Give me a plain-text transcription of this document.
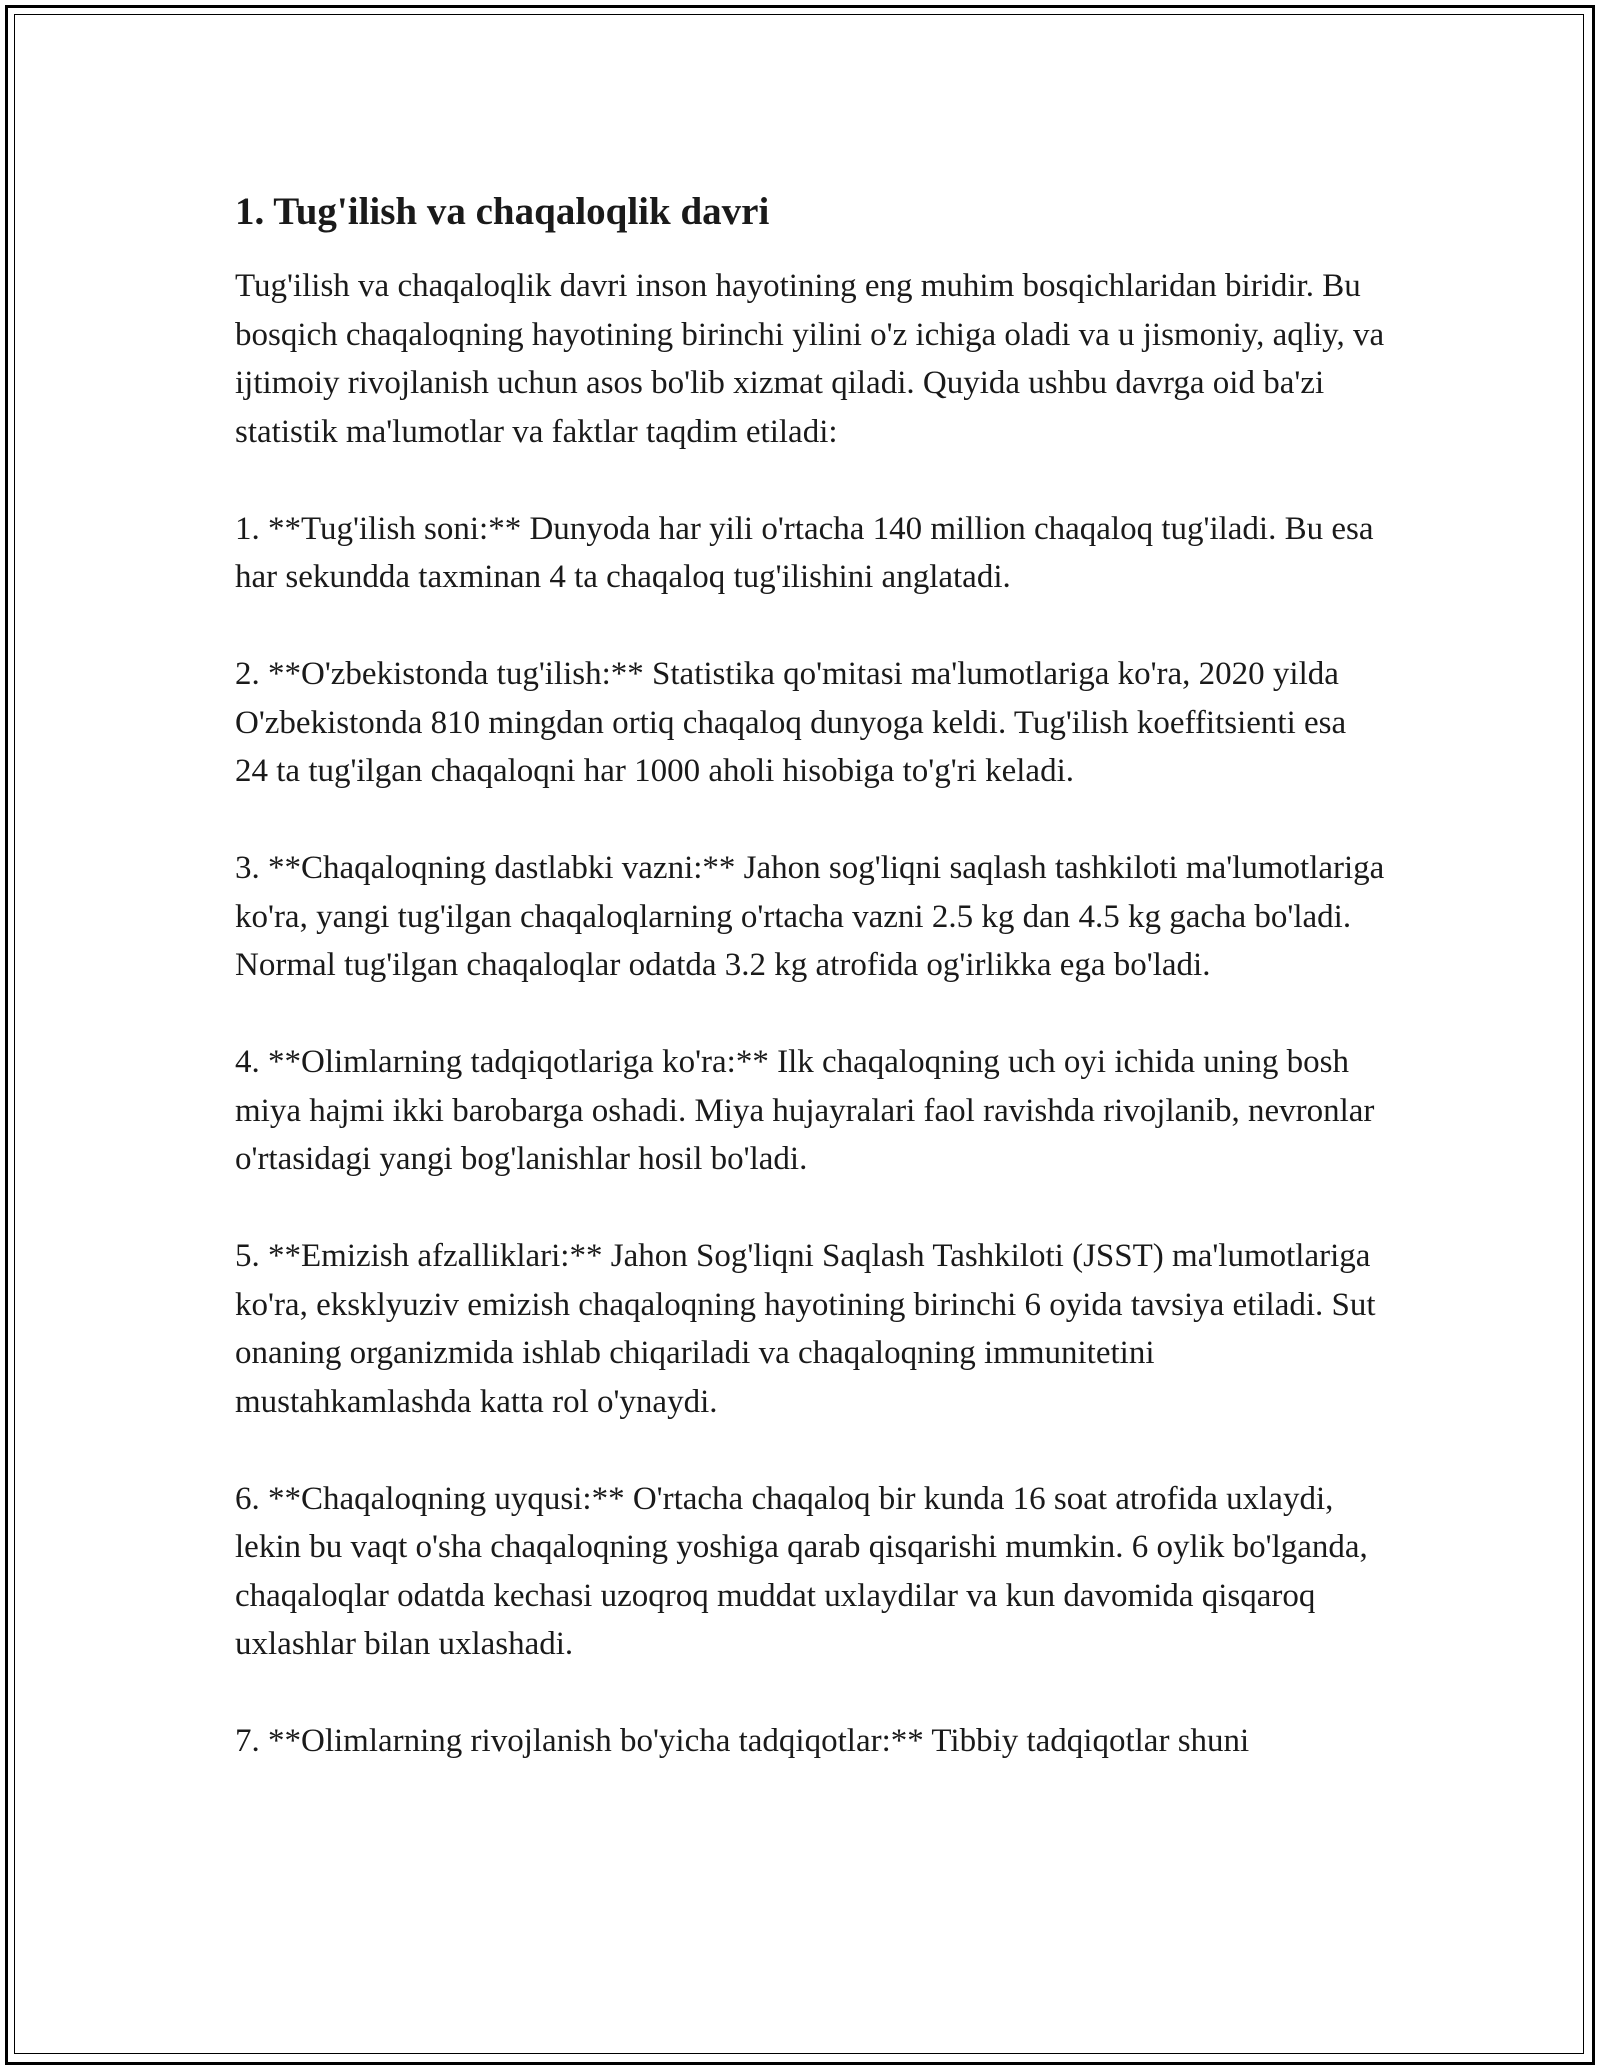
1. Tug'ilish va chaqaloqlik davri

Tug'ilish va chaqaloqlik davri inson hayotining eng muhim bosqichlaridan biridir. Bu bosqich chaqaloqning hayotining birinchi yilini o'z ichiga oladi va u jismoniy, aqliy, va ijtimoiy rivojlanish uchun asos bo'lib xizmat qiladi. Quyida ushbu davrga oid ba'zi statistik ma'lumotlar va faktlar taqdim etiladi:

1. **Tug'ilish soni:** Dunyoda har yili o'rtacha 140 million chaqaloq tug'iladi. Bu esa har sekundda taxminan 4 ta chaqaloq tug'ilishini anglatadi.

2. **O'zbekistonda tug'ilish:** Statistika qo'mitasi ma'lumotlariga ko'ra, 2020 yilda O'zbekistonda 810 mingdan ortiq chaqaloq dunyoga keldi. Tug'ilish koeffitsienti esa 24 ta tug'ilgan chaqaloqni har 1000 aholi hisobiga to'g'ri keladi.

3. **Chaqaloqning dastlabki vazni:** Jahon sog'liqni saqlash tashkiloti ma'lumotlariga ko'ra, yangi tug'ilgan chaqaloqlarning o'rtacha vazni 2.5 kg dan 4.5 kg gacha bo'ladi. Normal tug'ilgan chaqaloqlar odatda 3.2 kg atrofida og'irlikka ega bo'ladi.

4. **Olimlarning tadqiqotlariga ko'ra:** Ilk chaqaloqning uch oyi ichida uning bosh miya hajmi ikki barobarga oshadi. Miya hujayralari faol ravishda rivojlanib, nevronlar o'rtasidagi yangi bog'lanishlar hosil bo'ladi.

5. **Emizish afzalliklari:** Jahon Sog'liqni Saqlash Tashkiloti (JSST) ma'lumotlariga ko'ra, eksklyuziv emizish chaqaloqning hayotining birinchi 6 oyida tavsiya etiladi. Sut onaning organizmida ishlab chiqariladi va chaqaloqning immunitetini mustahkamlashda katta rol o'ynaydi.

6. **Chaqaloqning uyqusi:** O'rtacha chaqaloq bir kunda 16 soat atrofida uxlaydi, lekin bu vaqt o'sha chaqaloqning yoshiga qarab qisqarishi mumkin. 6 oylik bo'lganda, chaqaloqlar odatda kechasi uzoqroq muddat uxlaydilar va kun davomida qisqaroq uxlashlar bilan uxlashadi.

7. **Olimlarning rivojlanish bo'yicha tadqiqotlar:** Tibbiy tadqiqotlar shuni
